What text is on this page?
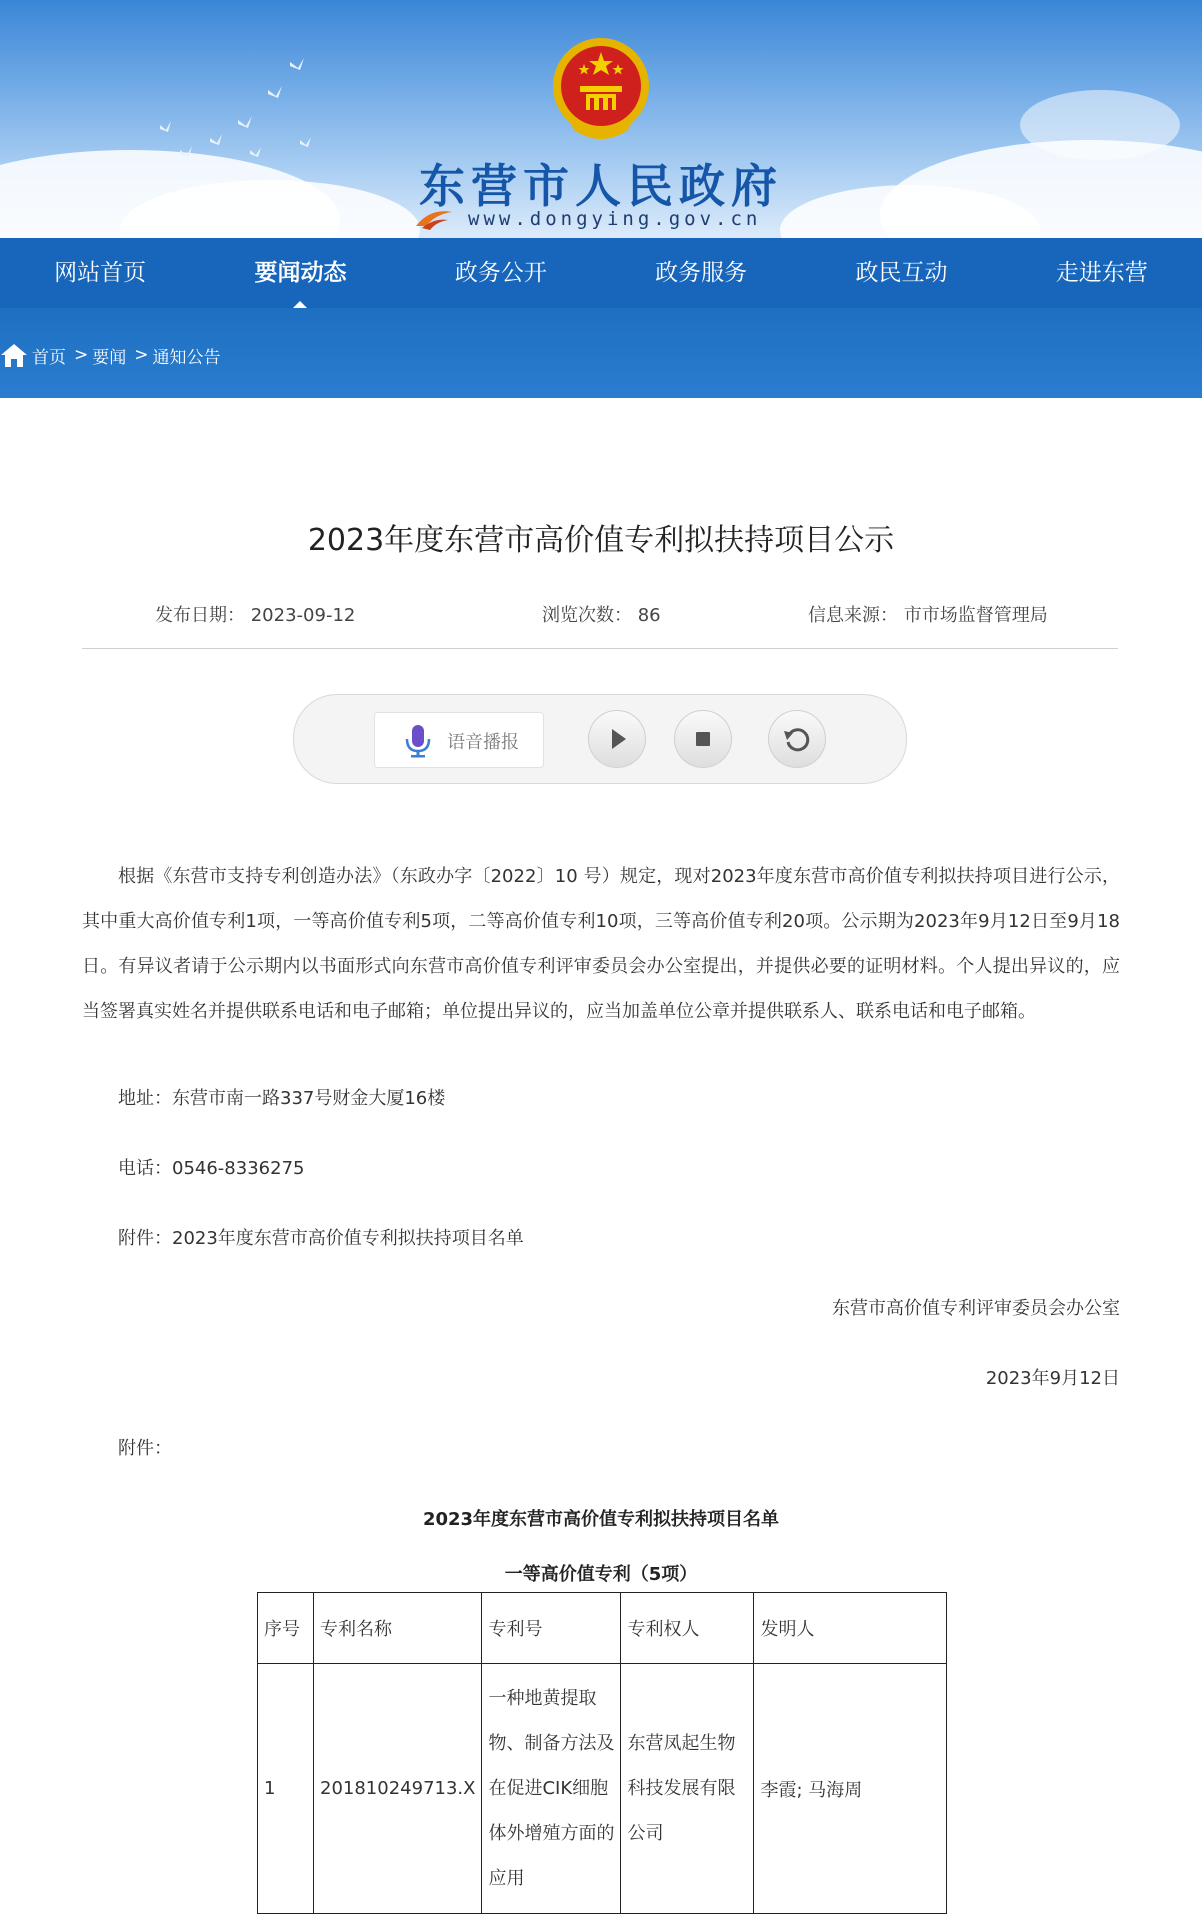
东营市人民政府
www.dongying.gov.cn
网站首页	要闻动态	政务公开	政务服务	政民互动	走进东营
首页 > 要闻 > 通知公告
2023年度东营市高价值专利拟扶持项目公示
发布日期： 2023-09-12	浏览次数： 86	信息来源： 市市场监督管理局
语音播报
根据《东营市支持专利创造办法》（东政办字〔2022〕10 号）规定，现对2023年度东营市高价值专利拟扶持项目进行公示，其中重大高价值专利1项，一等高价值专利5项，二等高价值专利10项，三等高价值专利20项。公示期为2023年9月12日至9月18日。有异议者请于公示期内以书面形式向东营市高价值专利评审委员会办公室提出，并提供必要的证明材料。个人提出异议的，应当签署真实姓名并提供联系电话和电子邮箱；单位提出异议的，应当加盖单位公章并提供联系人、联系电话和电子邮箱。
地址：东营市南一路337号财金大厦16楼
电话：0546-8336275
附件：2023年度东营市高价值专利拟扶持项目名单
东营市高价值专利评审委员会办公室
2023年9月12日
附件：
2023年度东营市高价值专利拟扶持项目名单
一等高价值专利（5项）
序号	专利名称	专利号	专利权人	发明人
1	201810249713.X	一种地黄提取物、制备方法及在促进CIK细胞体外增殖方面的应用	东营凤起生物科技发展有限公司	李霞; 马海周
